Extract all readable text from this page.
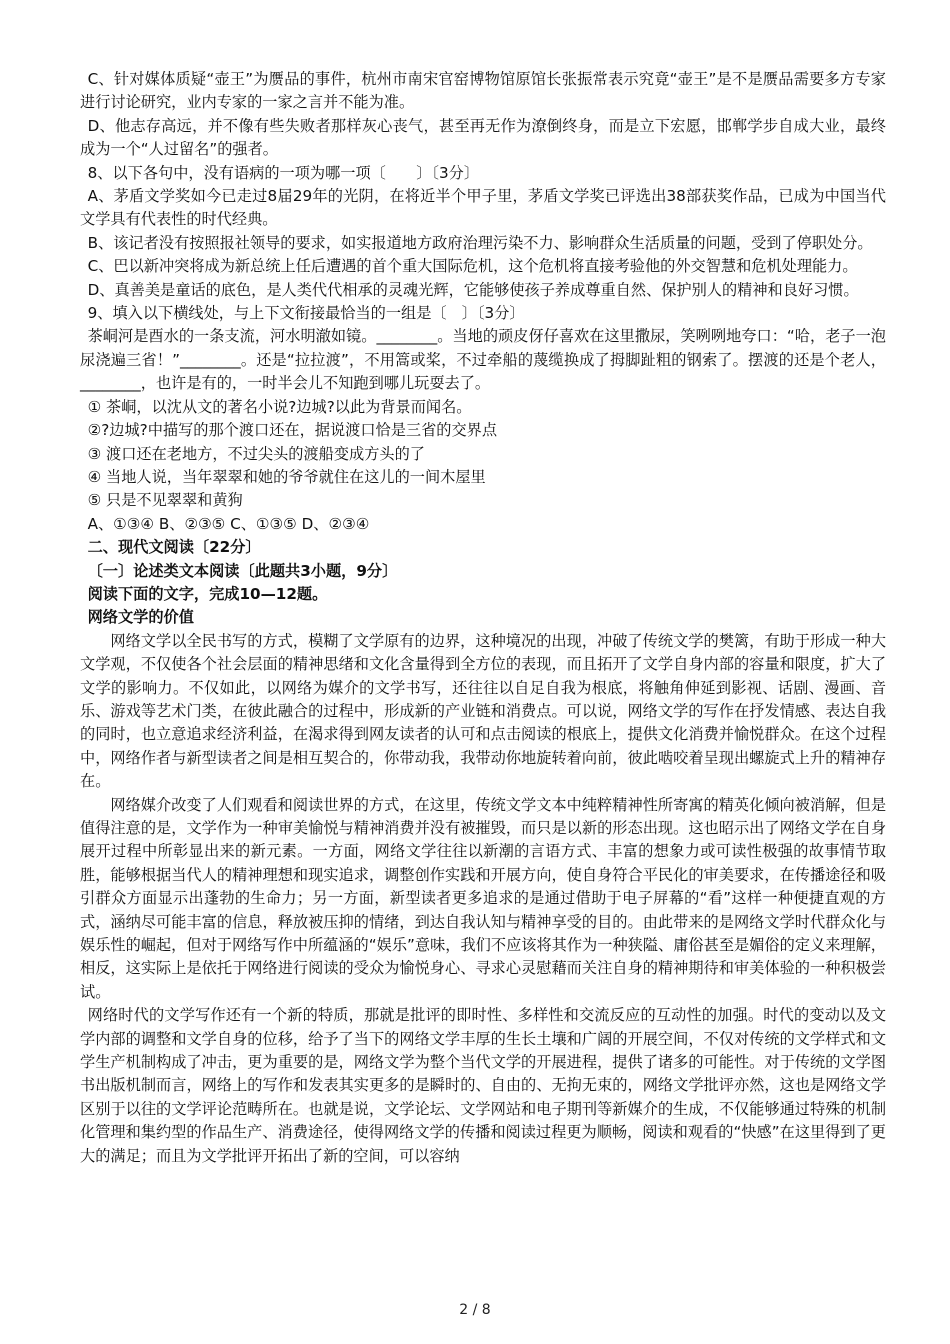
C、针对媒体质疑“壶王”为赝品的事件，杭州市南宋官窑博物馆原馆长张振常表示究竟“壶王”是不是赝品需要多方专家进行讨论研究，业内专家的一家之言并不能为准。

D、他志存高远，并不像有些失败者那样灰心丧气，甚至再无作为潦倒终身，而是立下宏愿，邯郸学步自成大业，最终成为一个“人过留名”的强者。

8、以下各句中，没有语病的一项为哪一项〔　　〕〔3分〕

A、茅盾文学奖如今已走过8届29年的光阴，在将近半个甲子里，茅盾文学奖已评选出38部获奖作品，已成为中国当代文学具有代表性的时代经典。

B、该记者没有按照报社领导的要求，如实报道地方政府治理污染不力、影响群众生活质量的问题，受到了停职处分。

C、巴以新冲突将成为新总统上任后遭遇的首个重大国际危机，这个危机将直接考验他的外交智慧和危机处理能力。

D、真善美是童话的底色，是人类代代相承的灵魂光辉，它能够使孩子养成尊重自然、保护别人的精神和良好习惯。

9、填入以下横线处，与上下文衔接最恰当的一组是〔　〕〔3分〕

茶峒河是酉水的一条支流，河水明澈如镜。________。当地的顽皮伢仔喜欢在这里撒尿，笑咧咧地夸口：“哈，老子一泡尿浇遍三省！”________。还是“拉拉渡”，不用篙或桨，不过牵船的蔑缆换成了拇脚趾粗的钢索了。摆渡的还是个老人，________，也许是有的，一时半会儿不知跑到哪儿玩耍去了。

① 茶峒，以沈从文的著名小说?边城?以此为背景而闻名。

②?边城?中描写的那个渡口还在，据说渡口恰是三省的交界点

③ 渡口还在老地方，不过尖头的渡船变成方头的了

④ 当地人说，当年翠翠和她的爷爷就住在这儿的一间木屋里

⑤ 只是不见翠翠和黄狗

A、①③④ B、②③⑤ C、①③⑤ D、②③④

二、现代文阅读〔22分〕

〔一〕论述类文本阅读〔此题共3小题，9分〕

阅读下面的文字，完成10—12题。

网络文学的价值

网络文学以全民书写的方式，模糊了文学原有的边界，这种境况的出现，冲破了传统文学的樊篱，有助于形成一种大文学观，不仅使各个社会层面的精神思绪和文化含量得到全方位的表现，而且拓开了文学自身内部的容量和限度，扩大了文学的影响力。不仅如此，以网络为媒介的文学书写，还往往以自足自我为根底，将触角伸延到影视、话剧、漫画、音乐、游戏等艺术门类，在彼此融合的过程中，形成新的产业链和消费点。可以说，网络文学的写作在抒发情感、表达自我的同时，也立意追求经济利益，在渴求得到网友读者的认可和点击阅读的根底上，提供文化消费并愉悦群众。在这个过程中，网络作者与新型读者之间是相互契合的，你带动我，我带动你地旋转着向前，彼此啮咬着呈现出螺旋式上升的精神存在。

网络媒介改变了人们观看和阅读世界的方式，在这里，传统文学文本中纯粹精神性所寄寓的精英化倾向被消解，但是值得注意的是，文学作为一种审美愉悦与精神消费并没有被摧毁，而只是以新的形态出现。这也昭示出了网络文学在自身展开过程中所彰显出来的新元素。一方面，网络文学往往以新潮的言语方式、丰富的想象力或可读性极强的故事情节取胜，能够根据当代人的精神理想和现实追求，调整创作实践和开展方向，使自身符合平民化的审美要求，在传播途径和吸引群众方面显示出蓬勃的生命力；另一方面，新型读者更多追求的是通过借助于电子屏幕的“看”这样一种便捷直观的方式，涵纳尽可能丰富的信息，释放被压抑的情绪，到达自我认知与精神享受的目的。由此带来的是网络文学时代群众化与娱乐性的崛起，但对于网络写作中所蕴涵的“娱乐”意味，我们不应该将其作为一种狭隘、庸俗甚至是媚俗的定义来理解，相反，这实际上是依托于网络进行阅读的受众为愉悦身心、寻求心灵慰藉而关注自身的精神期待和审美体验的一种积极尝试。

网络时代的文学写作还有一个新的特质，那就是批评的即时性、多样性和交流反应的互动性的加强。时代的变动以及文学内部的调整和文学自身的位移，给予了当下的网络文学丰厚的生长土壤和广阔的开展空间，不仅对传统的文学样式和文学生产机制构成了冲击，更为重要的是，网络文学为整个当代文学的开展进程，提供了诸多的可能性。对于传统的文学图书出版机制而言，网络上的写作和发表其实更多的是瞬时的、自由的、无拘无束的，网络文学批评亦然，这也是网络文学区别于以往的文学评论范畴所在。也就是说，文学论坛、文学网站和电子期刊等新媒介的生成，不仅能够通过特殊的机制化管理和集约型的作品生产、消费途径，使得网络文学的传播和阅读过程更为顺畅，阅读和观看的“快感”在这里得到了更大的满足；而且为文学批评开拓出了新的空间，可以容纳

2 / 8
